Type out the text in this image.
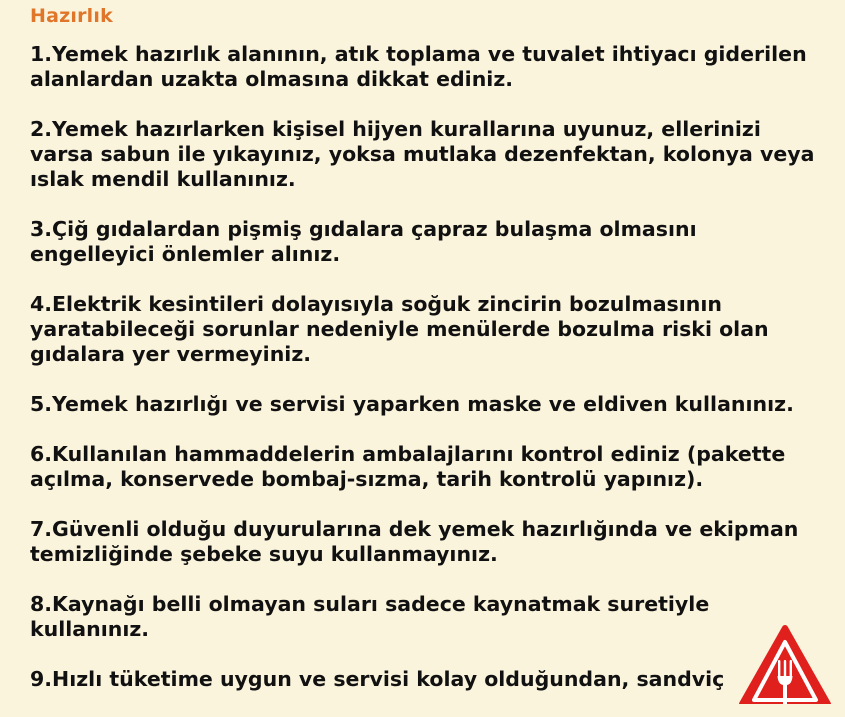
Hazırlık

1.Yemek hazırlık alanının, atık toplama ve tuvalet ihtiyacı giderilen
alanlardan uzakta olmasına dikkat ediniz.

2.Yemek hazırlarken kişisel hijyen kurallarına uyunuz, ellerinizi
varsa sabun ile yıkayınız, yoksa mutlaka dezenfektan, kolonya veya
ıslak mendil kullanınız.

3.Çiğ gıdalardan pişmiş gıdalara çapraz bulaşma olmasını
engelleyici önlemler alınız.

4.Elektrik kesintileri dolayısıyla soğuk zincirin bozulmasının
yaratabileceği sorunlar nedeniyle menülerde bozulma riski olan
gıdalara yer vermeyiniz.

5.Yemek hazırlığı ve servisi yaparken maske ve eldiven kullanınız.

6.Kullanılan hammaddelerin ambalajlarını kontrol ediniz (pakette
açılma, konservede bombaj-sızma, tarih kontrolü yapınız).

7.Güvenli olduğu duyurularına dek yemek hazırlığında ve ekipman
temizliğinde şebeke suyu kullanmayınız.

8.Kaynağı belli olmayan suları sadece kaynatmak suretiyle
kullanınız.

9.Hızlı tüketime uygun ve servisi kolay olduğundan, sandviç
